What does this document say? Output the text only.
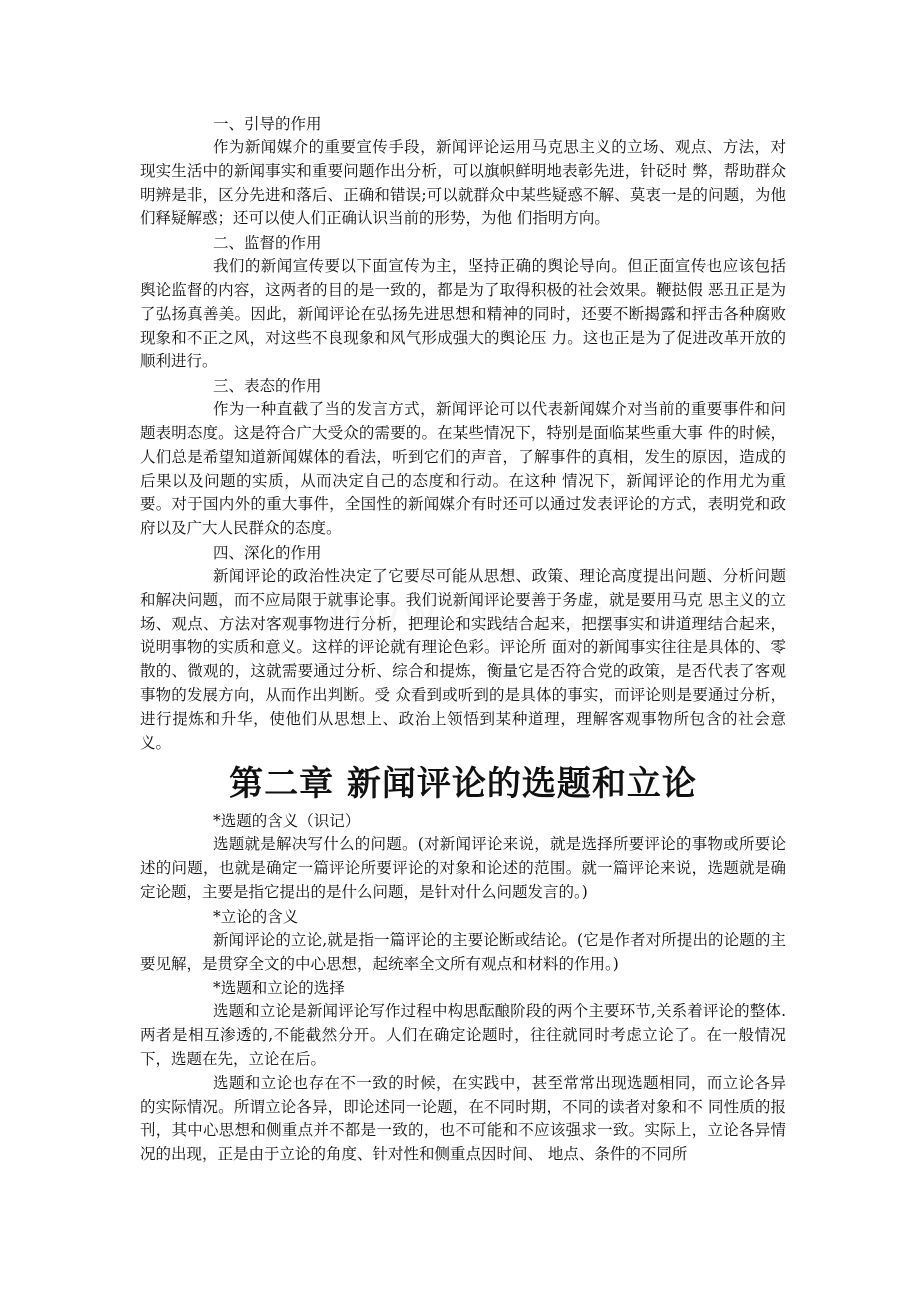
一、引导的作用

作为新闻媒介的重要宣传手段，新闻评论运用马克思主义的立场、观点、方法，对现实生活中的新闻事实和重要问题作出分析，可以旗帜鲜明地表彰先进，针砭时 弊，帮助群众明辨是非，区分先进和落后、正确和错误;可以就群众中某些疑惑不解、莫衷一是的问题，为他们释疑解惑；还可以使人们正确认识当前的形势，为他 们指明方向。

二、监督的作用

我们的新闻宣传要以下面宣传为主，坚持正确的舆论导向。但正面宣传也应该包括舆论监督的内容，这两者的目的是一致的，都是为了取得积极的社会效果。鞭挞假 恶丑正是为了弘扬真善美。因此，新闻评论在弘扬先进思想和精神的同时，还要不断揭露和抨击各种腐败现象和不正之风，对这些不良现象和风气形成强大的舆论压 力。这也正是为了促进改革开放的顺利进行。

三、表态的作用

作为一种直截了当的发言方式，新闻评论可以代表新闻媒介对当前的重要事件和问题表明态度。这是符合广大受众的需要的。在某些情况下，特别是面临某些重大事 件的时候，人们总是希望知道新闻媒体的看法，听到它们的声音，了解事件的真相，发生的原因，造成的后果以及问题的实质，从而决定自己的态度和行动。在这种 情况下，新闻评论的作用尤为重要。对于国内外的重大事件，全国性的新闻媒介有时还可以通过发表评论的方式，表明党和政府以及广大人民群众的态度。

四、深化的作用

新闻评论的政治性决定了它要尽可能从思想、政策、理论高度提出问题、分析问题和解决问题，而不应局限于就事论事。我们说新闻评论要善于务虚，就是要用马克 思主义的立场、观点、方法对客观事物进行分析，把理论和实践结合起来，把摆事实和讲道理结合起来，说明事物的实质和意义。这样的评论就有理论色彩。评论所 面对的新闻事实往往是具体的、零散的、微观的，这就需要通过分析、综合和提炼，衡量它是否符合党的政策，是否代表了客观事物的发展方向，从而作出判断。受 众看到或听到的是具体的事实，而评论则是要通过分析，进行提炼和升华，使他们从思想上、政治上领悟到某种道理，理解客观事物所包含的社会意义。

第二章 新闻评论的选题和立论

*选题的含义（识记）

选题就是解决写什么的问题。(对新闻评论来说，就是选择所要评论的事物或所要论述的问题，也就是确定一篇评论所要评论的对象和论述的范围。就一篇评论来说，选题就是确定论题，主要是指它提出的是什么问题，是针对什么问题发言的。)

*立论的含义

新闻评论的立论,就是指一篇评论的主要论断或结论。(它是作者对所提出的论题的主要见解，是贯穿全文的中心思想，起统率全文所有观点和材料的作用。)

*选题和立论的选择

选题和立论是新闻评论写作过程中构思酝酿阶段的两个主要环节,关系着评论的整体.两者是相互渗透的,不能截然分开。人们在确定论题时，往往就同时考虑立论了。在一般情况下，选题在先，立论在后。

选题和立论也存在不一致的时候，在实践中，甚至常常出现选题相同，而立论各异的实际情况。所谓立论各异，即论述同一论题，在不同时期，不同的读者对象和不 同性质的报刊，其中心思想和侧重点并不都是一致的，也不可能和不应该强求一致。实际上，立论各异情况的出现，正是由于立论的角度、针对性和侧重点因时间、 地点、条件的不同所
